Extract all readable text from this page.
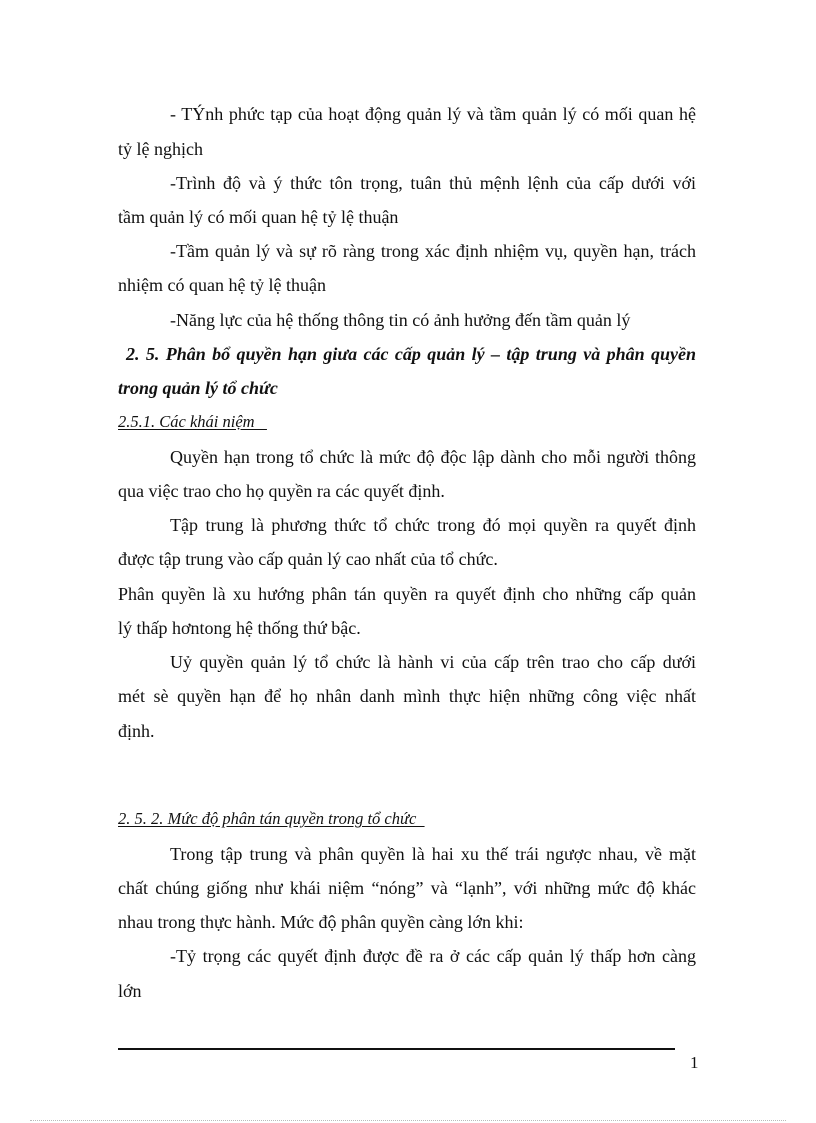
- TÝnh phức tạp của hoạt động quản lý và tầm quản lý có mối quan hệ
tỷ lệ nghịch
-Trình độ và ý thức tôn trọng, tuân thủ mệnh lệnh của cấp dưới với
tầm quản lý có mối quan hệ tỷ lệ thuận
-Tầm quản lý và sự rõ ràng trong xác định nhiệm vụ, quyền hạn, trách
nhiệm có quan hệ tỷ lệ thuận
-Năng lực của hệ thống thông tin có ảnh hưởng đến tầm quản lý
2. 5. Phân bổ quyền hạn giưa các cấp quản lý – tập trung và phân quyền
trong quản lý tổ chức
2.5.1. Các khái niệm
Quyền hạn trong tổ chức là mức độ độc lập dành cho mỗi người thông
qua việc trao cho họ quyền ra các quyết định.
Tập trung là phương thức tổ chức trong đó mọi quyền ra quyết định
được tập trung vào cấp quản lý cao nhất của tổ chức.
Phân quyền là xu hướng phân tán quyền ra quyết định cho những cấp quản
lý thấp hơntong hệ thống thứ bậc.
Uỷ quyền quản lý tổ chức là hành vi của cấp trên trao cho cấp dưới
mét sè quyền hạn để họ nhân danh mình thực hiện những công việc nhất
định.
2. 5. 2. Mức độ phân tán quyền trong tổ chức
Trong tập trung và phân quyền là hai xu thế trái ngược nhau, về mặt
chất chúng giống như khái niệm “nóng” và “lạnh”, với những mức độ khác
nhau trong thực hành. Mức độ phân quyền càng lớn khi:
-Tỷ trọng các quyết định được đề ra ở các cấp quản lý thấp hơn càng
lớn
1
